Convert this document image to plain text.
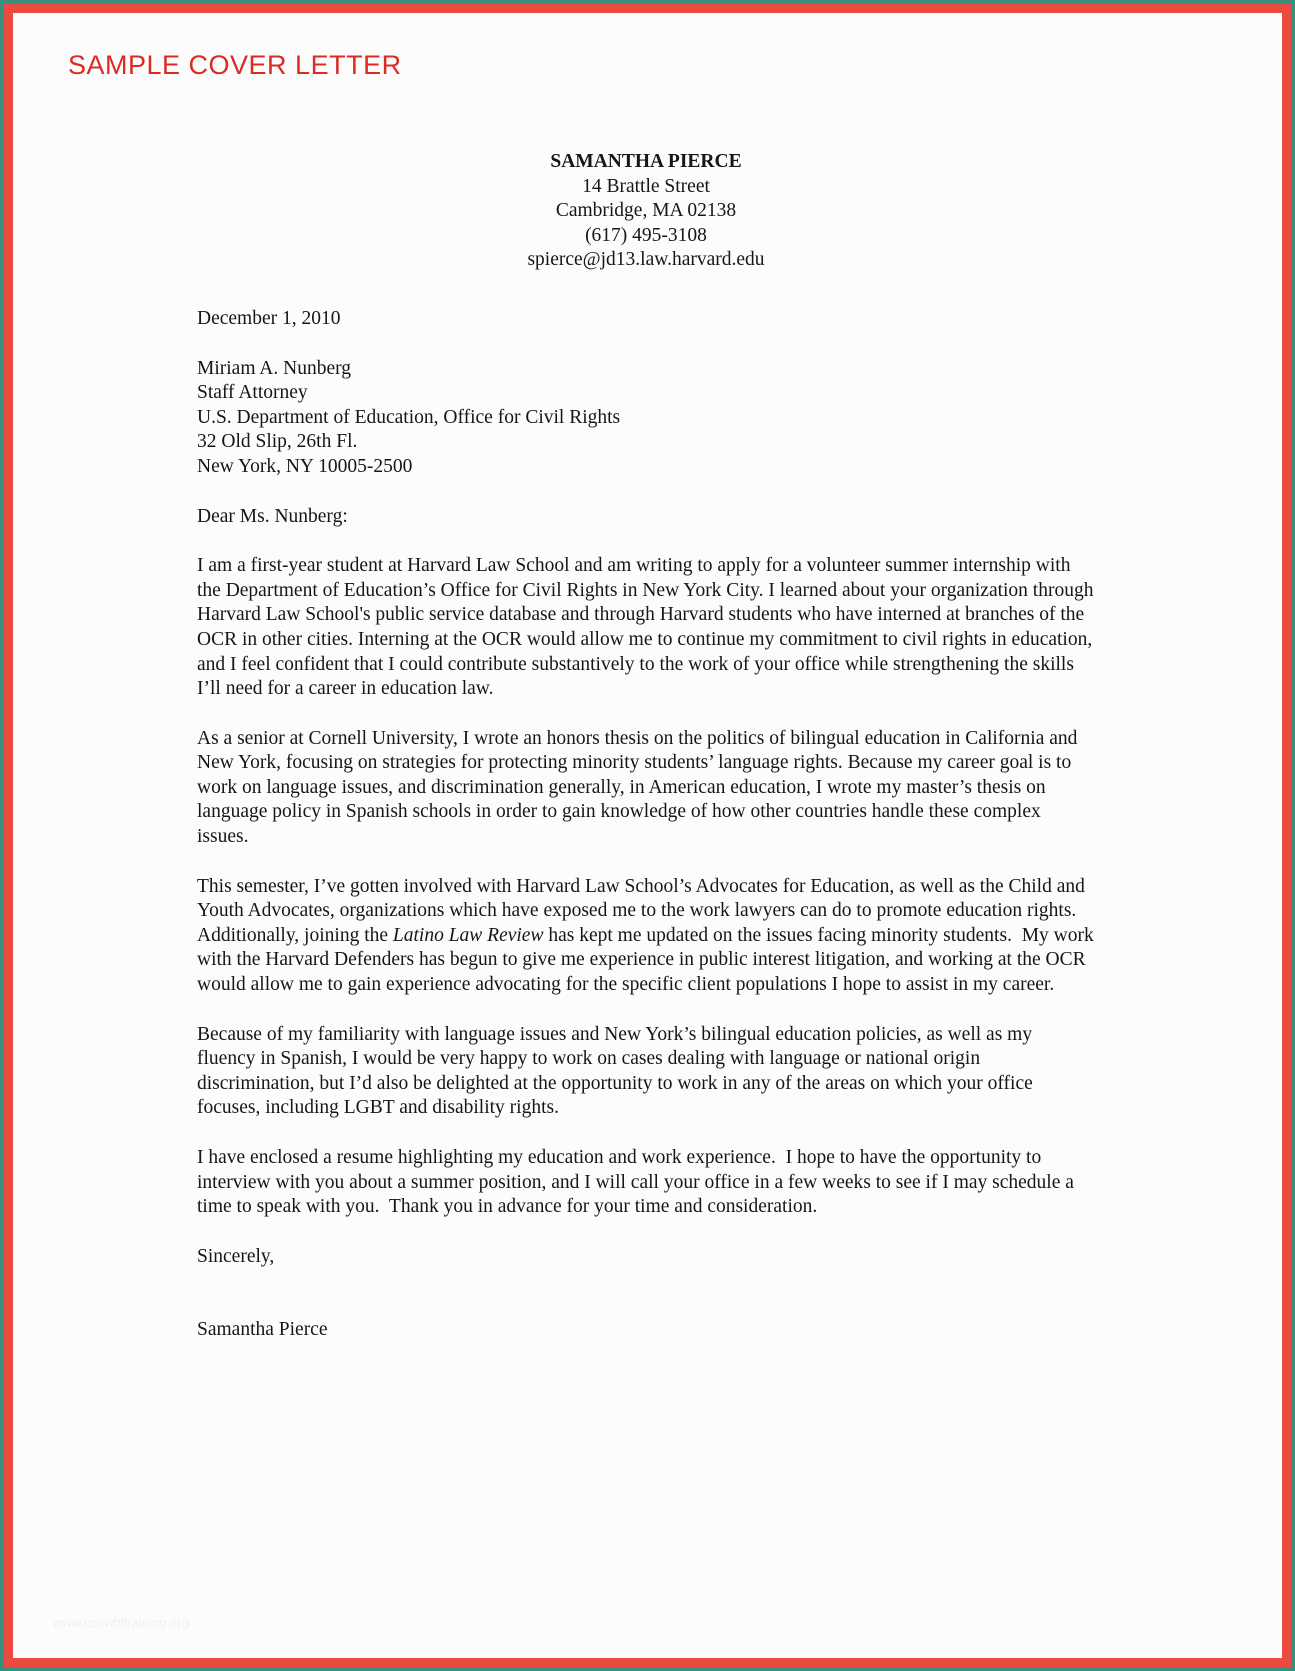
SAMPLE COVER LETTER
SAMANTHA PIERCE
14 Brattle Street
Cambridge, MA 02138
(617) 495-3108
spierce@jd13.law.harvard.edu
December 1, 2010
Miriam A. Nunberg
Staff Attorney
U.S. Department of Education, Office for Civil Rights
32 Old Slip, 26th Fl.
New York, NY 10005-2500
Dear Ms. Nunberg:

I am a first-year student at Harvard Law School and am writing to apply for a volunteer summer internship with the Department of Education’s Office for Civil Rights in New York City. I learned about your organization through Harvard Law School's public service database and through Harvard students who have interned at branches of the OCR in other cities. Interning at the OCR would allow me to continue my commitment to civil rights in education, and I feel confident that I could contribute substantively to the work of your office while strengthening the skills I’ll need for a career in education law.

As a senior at Cornell University, I wrote an honors thesis on the politics of bilingual education in California and New York, focusing on strategies for protecting minority students’ language rights. Because my career goal is to work on language issues, and discrimination generally, in American education, I wrote my master’s thesis on language policy in Spanish schools in order to gain knowledge of how other countries handle these complex issues.

This semester, I’ve gotten involved with Harvard Law School’s Advocates for Education, as well as the Child and Youth Advocates, organizations which have exposed me to the work lawyers can do to promote education rights.  Additionally, joining the Latino Law Review has kept me updated on the issues facing minority students.  My work with the Harvard Defenders has begun to give me experience in public interest litigation, and working at the OCR would allow me to gain experience advocating for the specific client populations I hope to assist in my career.

Because of my familiarity with language issues and New York’s bilingual education policies, as well as my fluency in Spanish, I would be very happy to work on cases dealing with language or national origin discrimination, but I’d also be delighted at the opportunity to work in any of the areas on which your office focuses, including LGBT and disability rights.

I have enclosed a resume highlighting my education and work experience.  I hope to have the opportunity to interview with you about a summer position, and I will call your office in a few weeks to see if I may schedule a time to speak with you.  Thank you in advance for your time and consideration.

Sincerely,
Samantha Pierce
www.ceswbltraining.org
